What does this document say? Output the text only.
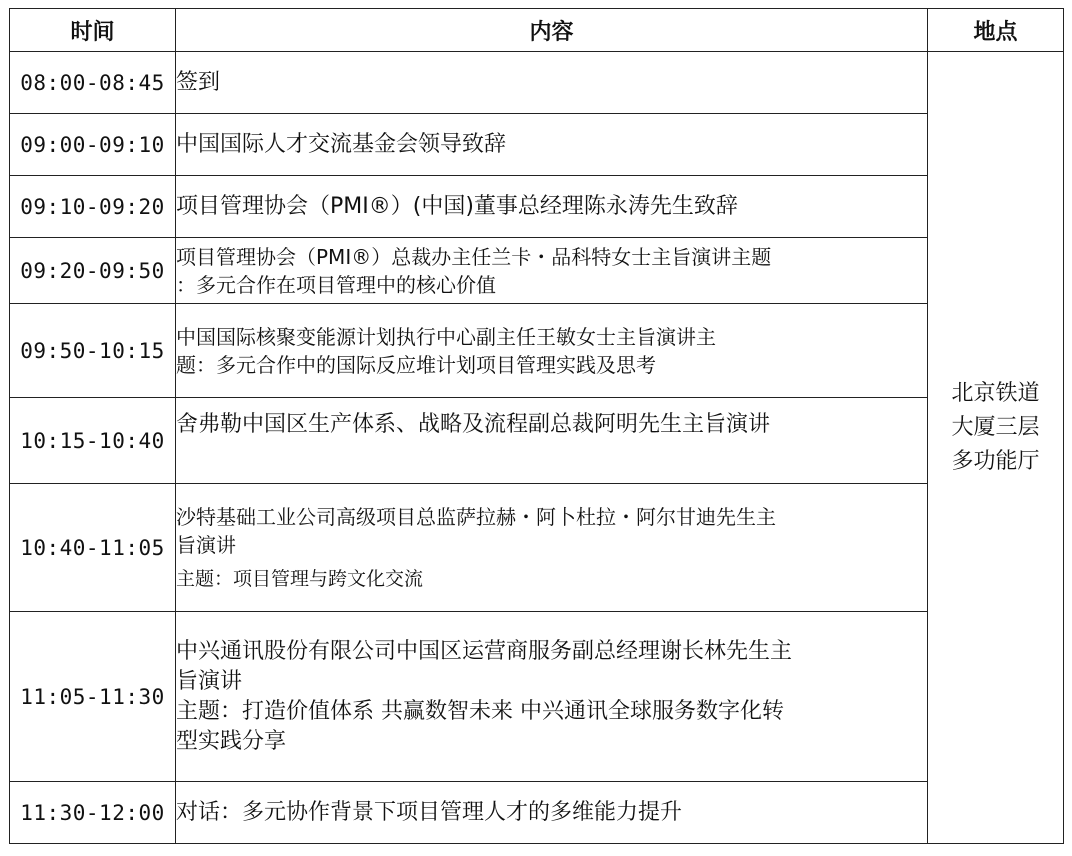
时间	内容	地点
08:00-08:45	签到	北京铁道大厦三层多功能厅

09:00-09:10	中国国际人才交流基金会领导致辞	

09:10-09:20	项目管理协会（PMI®）(中国)董事总经理陈永涛先生致辞	

09:20-09:50	项目管理协会（PMI®）总裁办主任兰卡・品科特女士主旨演讲主题
：多元合作在项目管理中的核心价值	

09:50-10:15	中国国际核聚变能源计划执行中心副主任王敏女士主旨演讲主
题：多元合作中的国际反应堆计划项目管理实践及思考	

10:15-10:40	舍弗勒中国区生产体系、战略及流程副总裁阿明先生主旨演讲	

10:40-11:05	沙特基础工业公司高级项目总监萨拉赫・阿卜杜拉・阿尔甘迪先生主
旨演讲
主题：项目管理与跨文化交流	

11:05-11:30	中兴通讯股份有限公司中国区运营商服务副总经理谢长林先生主
旨演讲
主题：打造价值体系 共赢数智未来 中兴通讯全球服务数字化转
型实践分享	

11:30-12:00	对话：多元协作背景下项目管理人才的多维能力提升	
